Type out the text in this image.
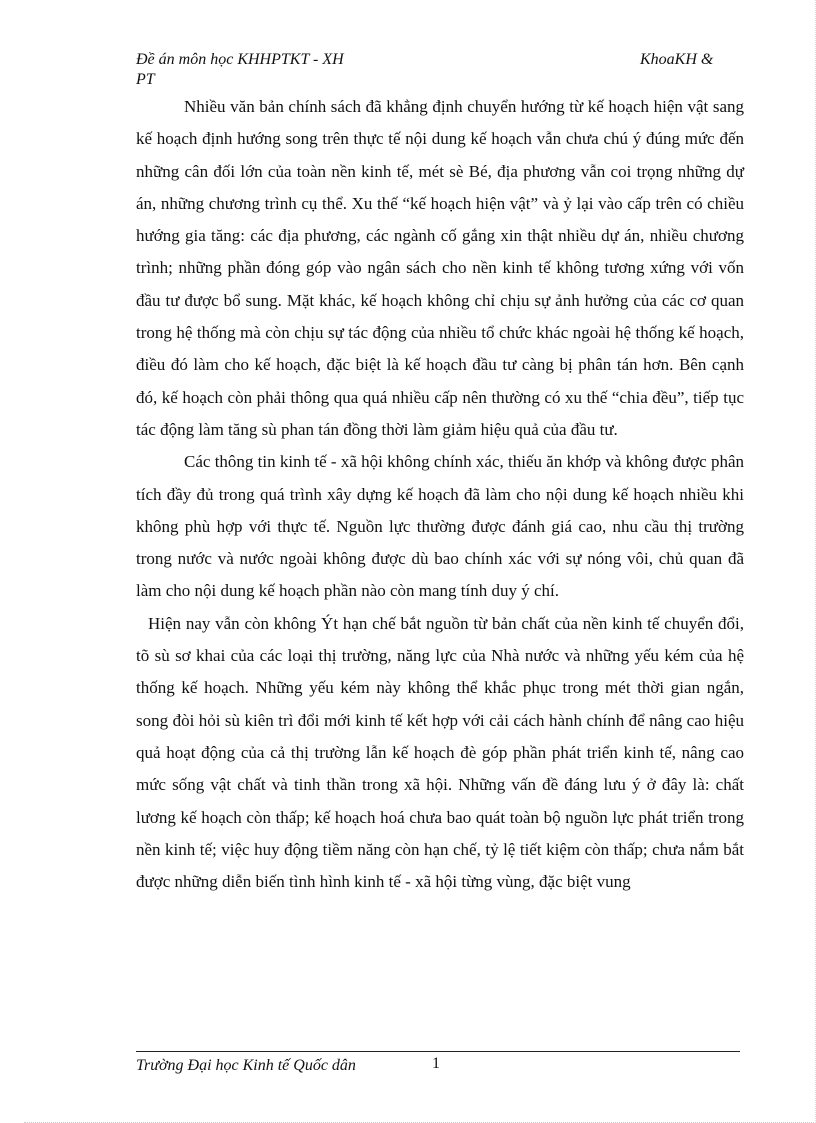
Đề án môn học KHHPTKT - XH
PT
KhoaKH &

Nhiều văn bản chính sách đã khẳng định chuyển hướng từ kế hoạch hiện vật sang kế hoạch định hướng song trên thực tế nội dung kế hoạch vẫn chưa chú ý đúng mức đến những cân đối lớn của toàn nền kinh tế, mét sè Bé, địa phương vẫn coi trọng những dự án, những chương trình cụ thể. Xu thế “kế hoạch hiện vật” và ỷ lại vào cấp trên có chiều hướng gia tăng: các địa phương, các ngành cố gắng xin thật nhiều dự án, nhiều chương trình; những phần đóng góp vào ngân sách cho nền kinh tế không tương xứng với vốn đầu tư được bổ sung. Mặt khác, kế hoạch không chỉ chịu sự ảnh hưởng của các cơ quan trong hệ thống mà còn chịu sự tác động của nhiều tổ chức khác ngoài hệ thống kế hoạch, điều đó làm cho kế hoạch, đặc biệt là kế hoạch đầu tư càng bị phân tán hơn. Bên cạnh đó, kế hoạch còn phải thông qua quá nhiều cấp nên thường có xu thế “chia đều”, tiếp tục tác động làm tăng sù phan tán đồng thời làm giảm hiệu quả của đầu tư.

Các thông tin kinh tế - xã hội không chính xác, thiếu ăn khớp và không được phân tích đầy đủ trong quá trình xây dựng kế hoạch đã làm cho nội dung kế hoạch nhiều khi không phù hợp với thực tế. Nguồn lực thường được đánh giá cao, nhu cầu thị trường trong nước và nước ngoài không được dù bao chính xác với sự nóng vôi, chủ quan đã làm cho nội dung kế hoạch phần nào còn mang tính duy ý chí.

Hiện nay vẫn còn không Ýt hạn chế bắt nguồn từ bản chất của nền kinh tế chuyển đổi, tõ sù sơ khai của các loại thị trường, năng lực của Nhà nước và những yếu kém của hệ thống kế hoạch. Những yếu kém này không thể khắc phục trong mét thời gian ngắn, song đòi hỏi sù kiên trì đổi mới kinh tế kết hợp với cải cách hành chính để nâng cao hiệu quả hoạt động của cả thị trường lẫn kế hoạch đè góp phần phát triển kinh tế, nâng cao mức sống vật chất và tinh thần trong xã hội. Những vấn đề đáng lưu ý ở đây là: chất lương kế hoạch còn thấp; kế hoạch hoá chưa bao quát toàn bộ nguồn lực phát triển trong nền kinh tế; việc huy động tiềm năng còn hạn chế, tỷ lệ tiết kiệm còn thấp; chưa nắm bắt được những diễn biến tình hình kinh tế - xã hội từng vùng, đặc biệt vung

Trường Đại học Kinh tế Quốc dân	1
